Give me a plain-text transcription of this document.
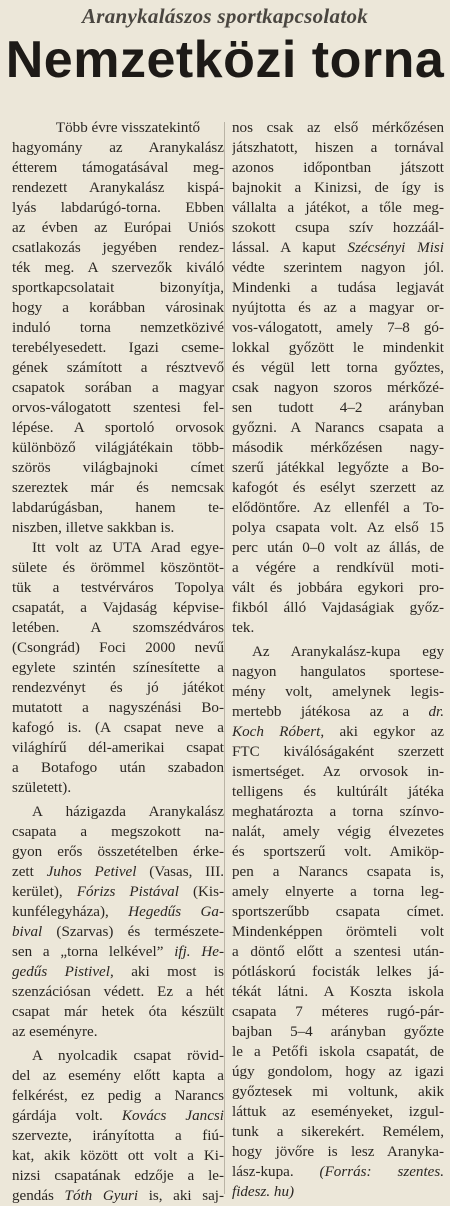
Aranykalászos sportkapcsolatok
Nemzetközi torna
Több évre visszatekintő
hagyomány az Aranykalász
étterem támogatásával meg-
rendezett Aranykalász kispá-
lyás labdarúgó-torna. Ebben
az évben az Európai Uniós
csatlakozás jegyében rendez-
ték meg. A szervezők kiváló
sportkapcsolatait bizonyítja,
hogy a korábban városinak
induló torna nemzetközivé
terebélyesedett. Igazi cseme-
gének számított a résztvevő
csapatok sorában a magyar
orvos-válogatott szentesi fel-
lépése. A sportoló orvosok
különböző világjátékain több-
szörös világbajnoki címet
szereztek már és nemcsak
labdarúgásban, hanem te-
niszben, illetve sakkban is.
Itt volt az UTA Arad egye-
sülete és örömmel köszöntöt-
tük a testvérváros Topolya
csapatát, a Vajdaság képvise-
letében. A szomszédváros
(Csongrád) Foci 2000 nevű
egylete szintén színesítette a
rendezvényt és jó játékot
mutatott a nagyszénási Bo-
kafogó is. (A csapat neve a
világhírű dél-amerikai csapat
a Botafogo után szabadon
született).
A házigazda Aranykalász
csapata a megszokott na-
gyon erős összetételben érke-
zett Juhos Petivel (Vasas, III.
kerület), Fórizs Pistával (Kis-
kunfélegyháza), Hegedűs Ga-
bival (Szarvas) és természete-
sen a „torna lelkével” ifj. He-
gedűs Pistivel, aki most is
szenzációsan védett. Ez a hét
csapat már hetek óta készült
az eseményre.
A nyolcadik csapat rövid-
del az esemény előtt kapta a
felkérést, ez pedig a Narancs
gárdája volt. Kovács Jancsi
szervezte, irányította a fiú-
kat, akik között ott volt a Ki-
nizsi csapatának edzője a le-
gendás Tóth Gyuri is, aki saj-
nos csak az első mérkőzésen
játszhatott, hiszen a tornával
azonos időpontban játszott
bajnokit a Kinizsi, de így is
vállalta a játékot, a tőle meg-
szokott csupa szív hozzáál-
lással. A kaput Szécsényi Misi
védte szerintem nagyon jól.
Mindenki a tudása legjavát
nyújtotta és az a magyar or-
vos-válogatott, amely 7–8 gó-
lokkal győzött le mindenkit
és végül lett torna győztes,
csak nagyon szoros mérkőzé-
sen tudott 4–2 arányban
győzni. A Narancs csapata a
második mérkőzésen nagy-
szerű játékkal legyőzte a Bo-
kafogót és esélyt szerzett az
elődöntőre. Az ellenfél a To-
polya csapata volt. Az első 15
perc után 0–0 volt az állás, de
a végére a rendkívül moti-
vált és jobbára egykori pro-
fikból álló Vajdaságiak győz-
tek.
Az Aranykalász-kupa egy
nagyon hangulatos sportese-
mény volt, amelynek legis-
mertebb játékosa az a dr.
Koch Róbert, aki egykor az
FTC kiválóságaként szerzett
ismertséget. Az orvosok in-
telligens és kultúrált játéka
meghatározta a torna színvo-
nalát, amely végig élvezetes
és sportszerű volt. Amiköp-
pen a Narancs csapata is,
amely elnyerte a torna leg-
sportszerűbb csapata címet.
Mindenképpen örömteli volt
a döntő előtt a szentesi után-
pótláskorú focisták lelkes já-
tékát látni. A Koszta iskola
csapata 7 méteres rugó-pár-
bajban 5–4 arányban győzte
le a Petőfi iskola csapatát, de
úgy gondolom, hogy az igazi
győztesek mi voltunk, akik
láttuk az eseményeket, izgul-
tunk a sikerekért. Remélem,
hogy jövőre is lesz Aranyka-
lász-kupa. (Forrás: szentes.
fidesz. hu)
